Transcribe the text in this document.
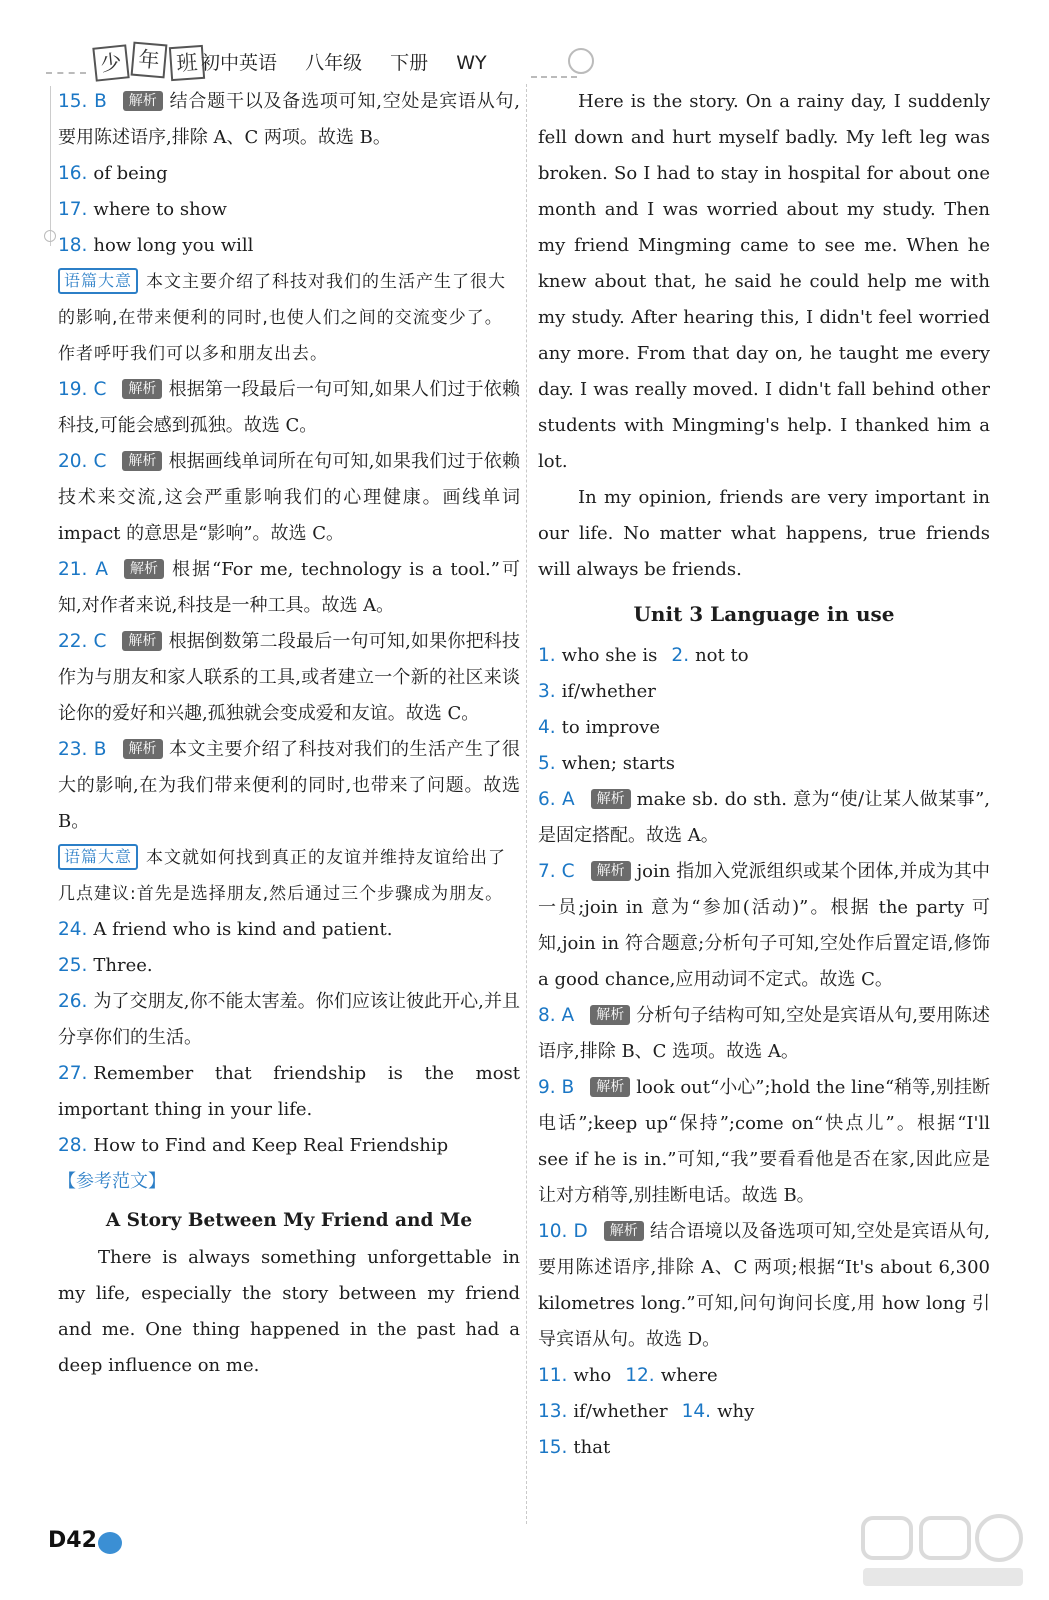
少 年 班 初中英语 八年级 下册 WY
15. B 解析 结合题干以及备选项可知,空处是宾语从句,要用陈述语序,排除 A、C 两项。故选 B。
16. of being
17. where to show
18. how long you will
语篇大意 本文主要介绍了科技对我们的生活产生了很大的影响,在带来便利的同时,也使人们之间的交流变少了。作者呼吁我们可以多和朋友出去。
19. C 解析 根据第一段最后一句可知,如果人们过于依赖科技,可能会感到孤独。故选 C。
20. C 解析 根据画线单词所在句可知,如果我们过于依赖技术来交流,这会严重影响我们的心理健康。画线单词 impact 的意思是“影响”。故选 C。
21. A 解析 根据“For me, technology is a tool.”可知,对作者来说,科技是一种工具。故选 A。
22. C 解析 根据倒数第二段最后一句可知,如果你把科技作为与朋友和家人联系的工具,或者建立一个新的社区来谈论你的爱好和兴趣,孤独就会变成爱和友谊。故选 C。
23. B 解析 本文主要介绍了科技对我们的生活产生了很大的影响,在为我们带来便利的同时,也带来了问题。故选 B。
语篇大意 本文就如何找到真正的友谊并维持友谊给出了几点建议:首先是选择朋友,然后通过三个步骤成为朋友。
24. A friend who is kind and patient.
25. Three.
26. 为了交朋友,你不能太害羞。你们应该让彼此开心,并且分享你们的生活。
27. Remember that friendship is the most important thing in your life.
28. How to Find and Keep Real Friendship
【参考范文】
A Story Between My Friend and Me
There is always something unforgettable in my life, especially the story between my friend and me. One thing happened in the past had a deep influence on me.
Here is the story. On a rainy day, I suddenly fell down and hurt myself badly. My left leg was broken. So I had to stay in hospital for about one month and I was worried about my study. Then my friend Mingming came to see me. When he knew about that, he said he could help me with my study. After hearing this, I didn't feel worried any more. From that day on, he taught me every day. I was really moved. I didn't fall behind other students with Mingming's help. I thanked him a lot.
In my opinion, friends are very important in our life. No matter what happens, true friends will always be friends.
Unit 3 Language in use
1. who she is 2. not to
3. if/whether
4. to improve
5. when; starts
6. A 解析 make sb. do sth. 意为“使/让某人做某事”,是固定搭配。故选 A。
7. C 解析 join 指加入党派组织或某个团体,并成为其中一员;join in 意为“参加(活动)”。根据 the party 可知,join in 符合题意;分析句子可知,空处作后置定语,修饰 a good chance,应用动词不定式。故选 C。
8. A 解析 分析句子结构可知,空处是宾语从句,要用陈述语序,排除 B、C 选项。故选 A。
9. B 解析 look out“小心”;hold the line“稍等,别挂断电话”;keep up“保持”;come on“快点儿”。根据“I'll see if he is in.”可知,“我”要看看他是否在家,因此应是让对方稍等,别挂断电话。故选 B。
10. D 解析 结合语境以及备选项可知,空处是宾语从句,要用陈述语序,排除 A、C 两项;根据“It's about 6,300 kilometres long.”可知,问句询问长度,用 how long 引导宾语从句。故选 D。
11. who 12. where
13. if/whether 14. why
15. that
D42
